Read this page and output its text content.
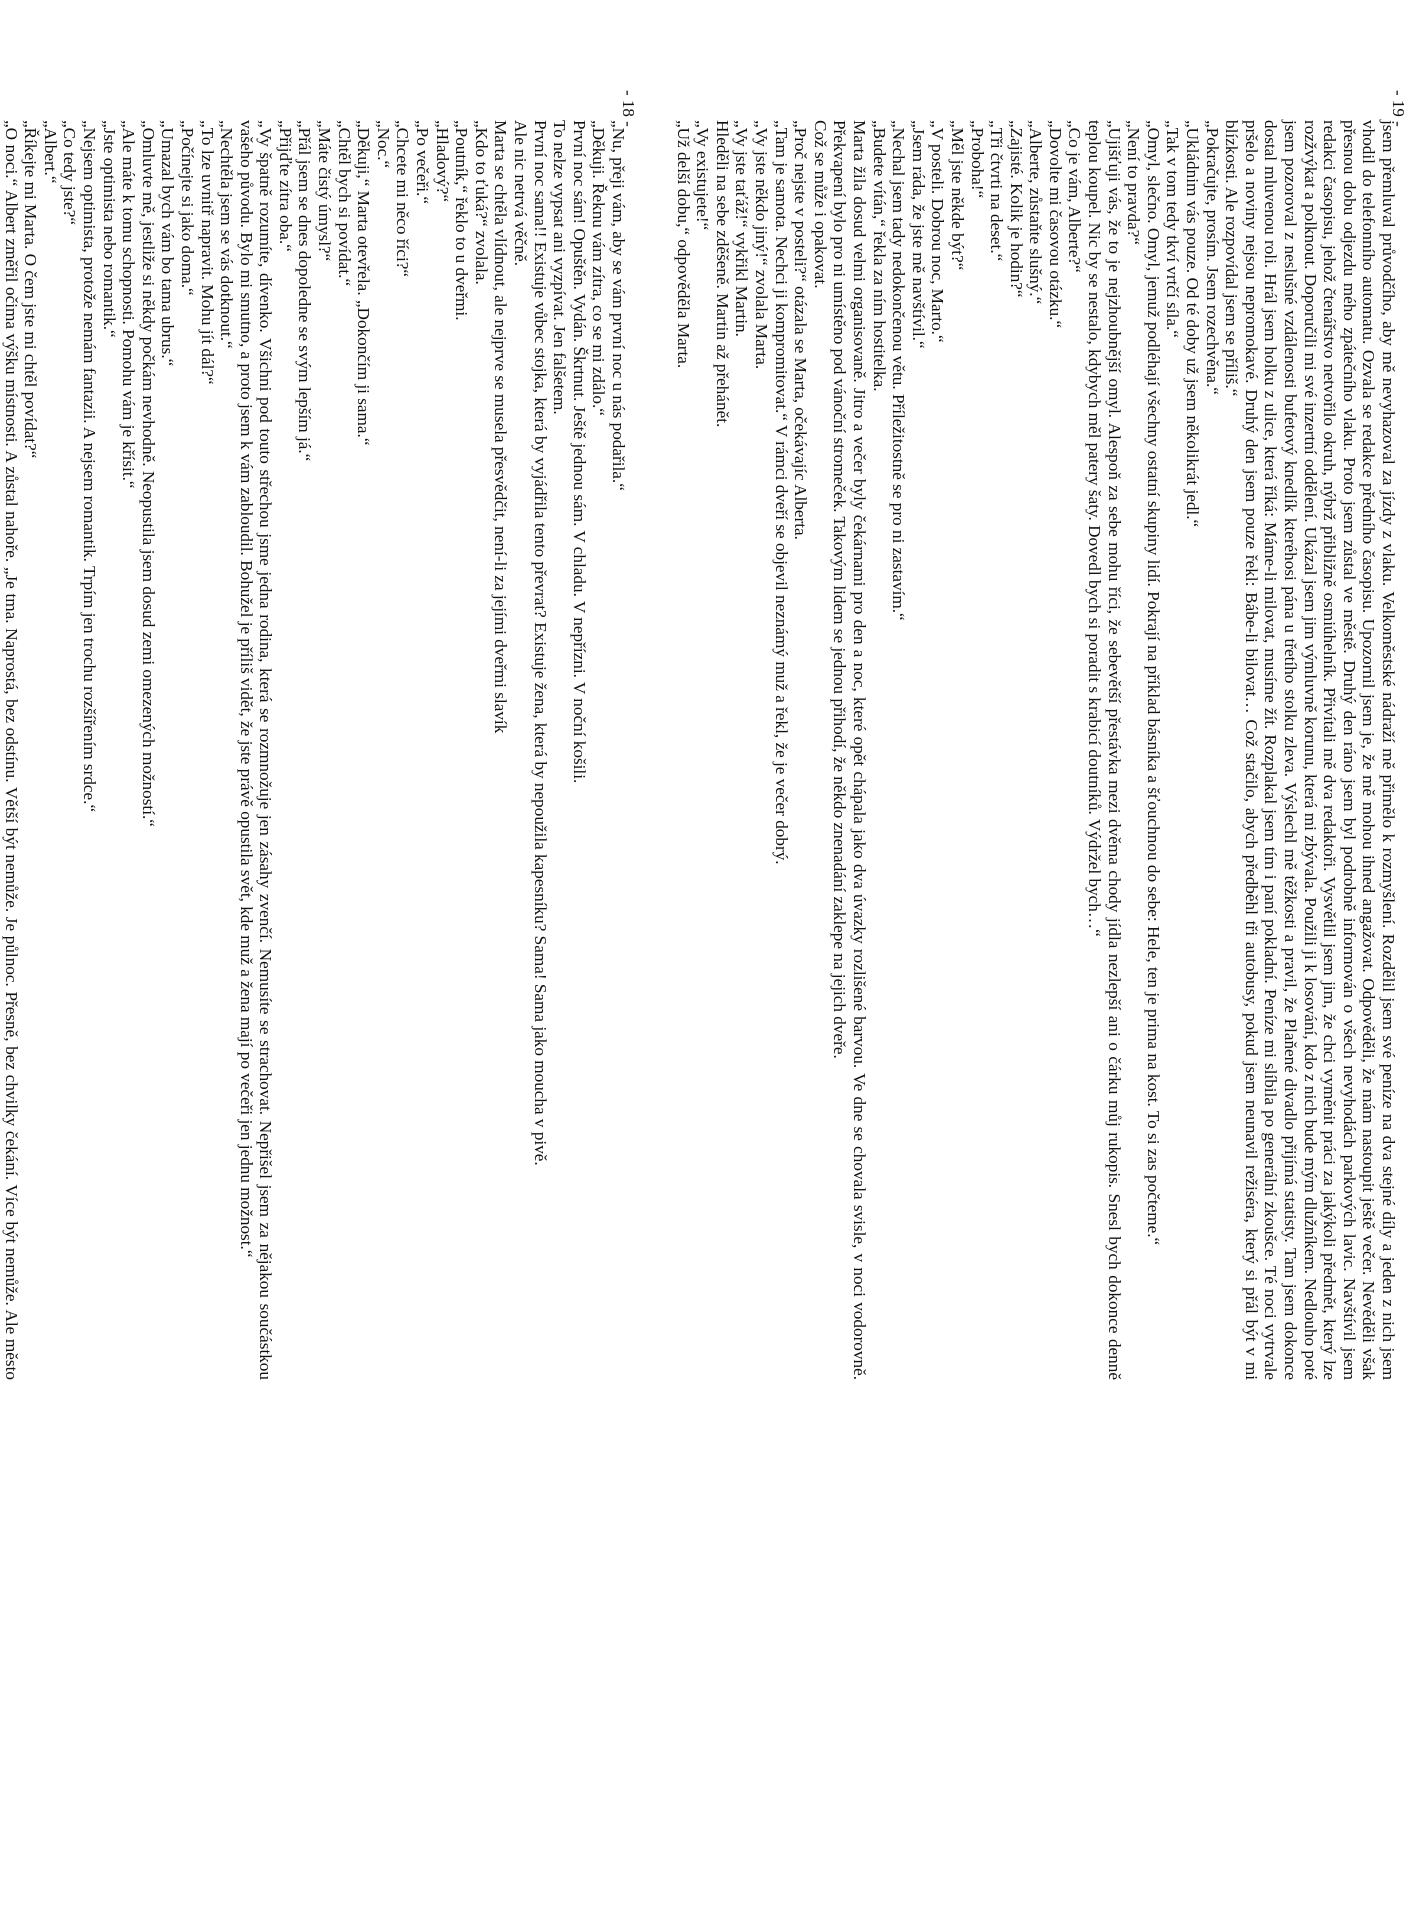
jsem přemluval průvodčího, aby mě nevyhazoval za jízdy z vlaku. Velkoměstské nádraží mě přimělo k rozmyšlení. Rozdělil jsem své peníze na dva stejné díly a jeden z nich jsem vhodil do telefonního automatu. Ozvala se redakce předního časopisu. Upozornil jsem je, že mě mohou ihned angažovat. Odpověděli, že mám nastoupit ještě večer. Nevěděli však přesnou dobu odjezdu mého zpátečního vlaku. Proto jsem zůstal ve městě. Druhý den ráno jsem byl podrobně informován o všech nevyhodách parkových lavic. Navštívil jsem redakci časopisu, jehož čtenářstvo netvořilo okruh, nýbrž přibližně osmiúhelník. Přivítali mě dva redaktoři. Vysvětlil jsem jim, že chci vyměnit práci za jakýkoli předmět, který lze rozžvýkat a polknout. Doporučili mi své inzertní oddělení. Ukázal jsem jim výmluvně korunu, která mi zbývala. Použili ji k losování, kdo z nich bude mým dlužníkem. Nedlouho poté jsem pozoroval z neslušné vzdálenosti bufetový knedlík kteréhosi pána u třetího stolku zleva. Výslechl mě těžkosti a pravil, že Plaňené divadlo přijímá statisty. Tam jsem dokonce dostal mluvenou roli. Hrál jsem holku z ulice, která říká: Máme-li milovat, musíme žít. Rozplakal jsem tím i paní pokladní. Peníze mi slíbila po generální zkoušce. Té noci vytrvale pršelo a noviny nejsou nepromokavé. Druhý den jsem pouze řekl: Bábe-li bilovat… Což stačilo, abych předběhl tři autobusy, pokud jsem neunavil režiséra, který si přál být v mi blízkosti. Ale rozpovídal jsem se příliš.“

„Pokračujte, prosím. Jsem rozechvěna.“

„Ukládnim vás pouze. Od té doby už jsem několikrát jedl.“

„Tak v tom tedy tkví vrtčí síla.“

„Omyl, slečno. Omyl, jemuž podléhají všechny ostatní skupiny lidí. Pokrají na příklad básníka a šťouchnou do sebe: Hele, ten je prima na kost. To si zas počteme.“

„Není to pravda?“

„Ujišťuji vás, že to je nejzhoubnější omyl. Alespoň za sebe mohu říci, že sebevětší přestávka mezi dvěma chody jídla nezlepší ani o čárku můj rukopis. Snesl bych dokonce denně teplou koupel. Nic by se nestalo, kdybych měl patery šaty. Dovedl bych si poradit s krabicí doutníků. Výdržel bych…“

„Co je vám, Alberte?“

„Dovolte mi časovou otázku.“

„Alberte, zůstaňte slušný.“

„Zajisté. Kolik je hodin?“

„Tři čtvrti na deset.“

„Proboha!“

„Měl jste někde být?“

„V posteli. Dobrou noc, Marto.“

„Jsem ráda, že jste mě navštívil.“

„Nechal jsem tady nedokončenou větu. Příležitostně se pro ni zastavím.“

„Budete vítán,“ řekla za ním hostitelka.

Marta žila dosud velmi organisovaně. Jitro a večer byly čekárnami pro den a noc, které opět chápala jako dva úvazky rozlišené barvou. Ve dne se chovala svisle, v noci vodorovně. Překvapení bylo pro ni umístěno pod vánoční stromeček. Takovým lidem se jednou přihodí, že někdo znenadání zaklepe na jejich dveře.

Což se může i opakovat.

„Proč nejste v posteli?“ otázala se Marta, očekávajíc Alberta.

„Tam je samota. Nechci ji kompromitovat.“ V rámci dveří se objevil neznámý muž a řekl, že je večer dobrý.

„Vy jste někdo jiný!“ zvolala Marta.

„Vy jste taťáž!“ vykřikl Martin.

Hleděli na sebe zděšeně. Martin až přehánět.

„Vy existujete!“

„Už delší dobu,“ odpověděla Marta.

- 19 -

„Nu, přeji vám, aby se vám první noc u nás podařila.“

„Děkuji. Řeknu vám zítra, co se mi zdálo.“

První noc sám! Opuštěn. Vydán. Škrtnut. Ještě jednou sám. V chladu. V nepřízni. V noční košili.

To nelze vypsat ani vyzpívat. Jen falšetem.

První noc sama!! Existuje vůbec stojka, která by vyjádřila tento převrat? Existuje žena, která by nepoužila kapesníku? Sama! Sama jako moucha v pivě.

Ale nic netrvá věčně.

Marta se chtěla vlídnout, ale nejprve se musela přesvědčit, není-li za jejími dveřmi slavík

„Kdo to ťuká?“ zvolala.

„Poutník,“ řeklo to u dveřmi.

„Hladový?“

„Po večeři.“

„Chcete mi něco říci?“

„Noc.“

„Děkuji,“ Marta otevřela. „Dokončím ji sama.“

„Chtěl bych si povídat.“

„Máte čistý úmysl?“

„Přál jsem se dnes dopoledne se svým lepším já.“

„Přijďte zítra oba.“

„Vy špatně rozumíte, dívenko. Všichni pod touto střechou jsme jedna rodina, která se rozmnožuje jen zásahy zvenčí. Nemusíte se strachovat. Nepřišel jsem za nějakou součástkou vašeho původu. Bylo mi smutno, a proto jsem k vám zabloudil. Bohužel je příliš vidět, že jste právě opustila svět, kde muž a žena mají po večeři jen jednu možnost.“

„Nechtěla jsem se vás dotknout.“

„To lze uvnitř napravit. Mohu jít dál?“

„Počínejte si jako doma.“

„Umazal bych vám bo tama ubrus.“

„Omluvte mě, jestliže si někdy počkám nevhodně. Neopustila jsem dosud zemi omezených možností.“

„Ale máte k tomu schopnosti. Pomohu vám je křísit.“

„Jste optimista nebo romantik.“

„Nejsem optimista, protože nemám fantazii. A nejsem romantik. Trpím jen trochu rozšířením srdce.“

„Co tedy jste?“

„Albert.“

„Říkejte mi Marta. O čem jste mi chtěl povídat?“

„O noci.“ Albert změřil očima výšku místnosti. A zůstal nahoře. „Je tma. Naprostá, bez odstínu. Větší být nemůže. Je půlnoc. Přesně, bez chvilky čekání. Více být nemůže. Ale město

- 18 -
